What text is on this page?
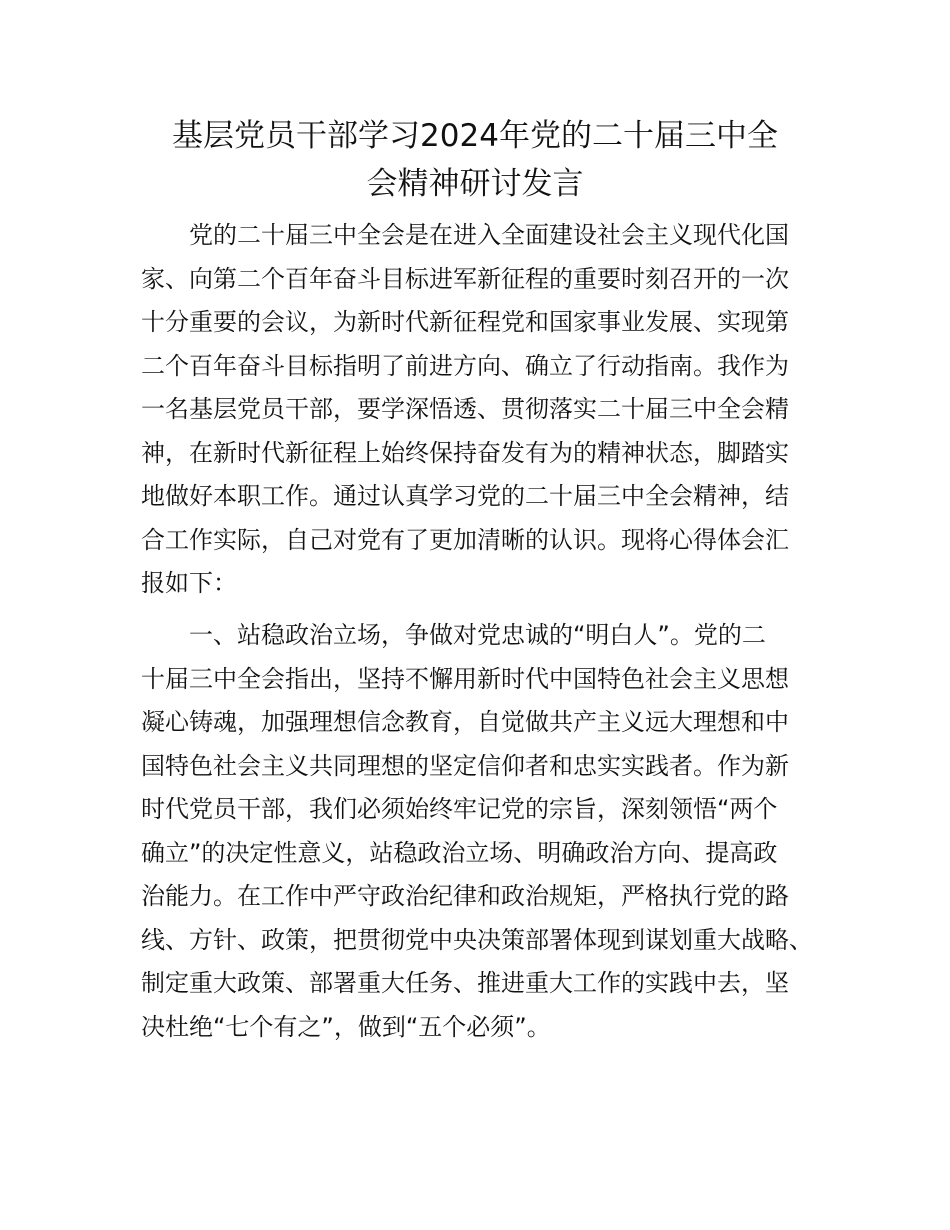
基层党员干部学习2024年党的二十届三中全
会精神研讨发言
党的二十届三中全会是在进入全面建设社会主义现代化国
家、向第二个百年奋斗目标进军新征程的重要时刻召开的一次
十分重要的会议，为新时代新征程党和国家事业发展、实现第
二个百年奋斗目标指明了前进方向、确立了行动指南。我作为
一名基层党员干部，要学深悟透、贯彻落实二十届三中全会精
神，在新时代新征程上始终保持奋发有为的精神状态，脚踏实
地做好本职工作。通过认真学习党的二十届三中全会精神，结
合工作实际，自己对党有了更加清晰的认识。现将心得体会汇
报如下：
一、站稳政治立场，争做对党忠诚的“明白人”。党的二
十届三中全会指出，坚持不懈用新时代中国特色社会主义思想
凝心铸魂，加强理想信念教育，自觉做共产主义远大理想和中
国特色社会主义共同理想的坚定信仰者和忠实实践者。作为新
时代党员干部，我们必须始终牢记党的宗旨，深刻领悟“两个
确立”的决定性意义，站稳政治立场、明确政治方向、提高政
治能力。在工作中严守政治纪律和政治规矩，严格执行党的路
线、方针、政策，把贯彻党中央决策部署体现到谋划重大战略、
制定重大政策、部署重大任务、推进重大工作的实践中去，坚
决杜绝“七个有之”，做到“五个必须”。
